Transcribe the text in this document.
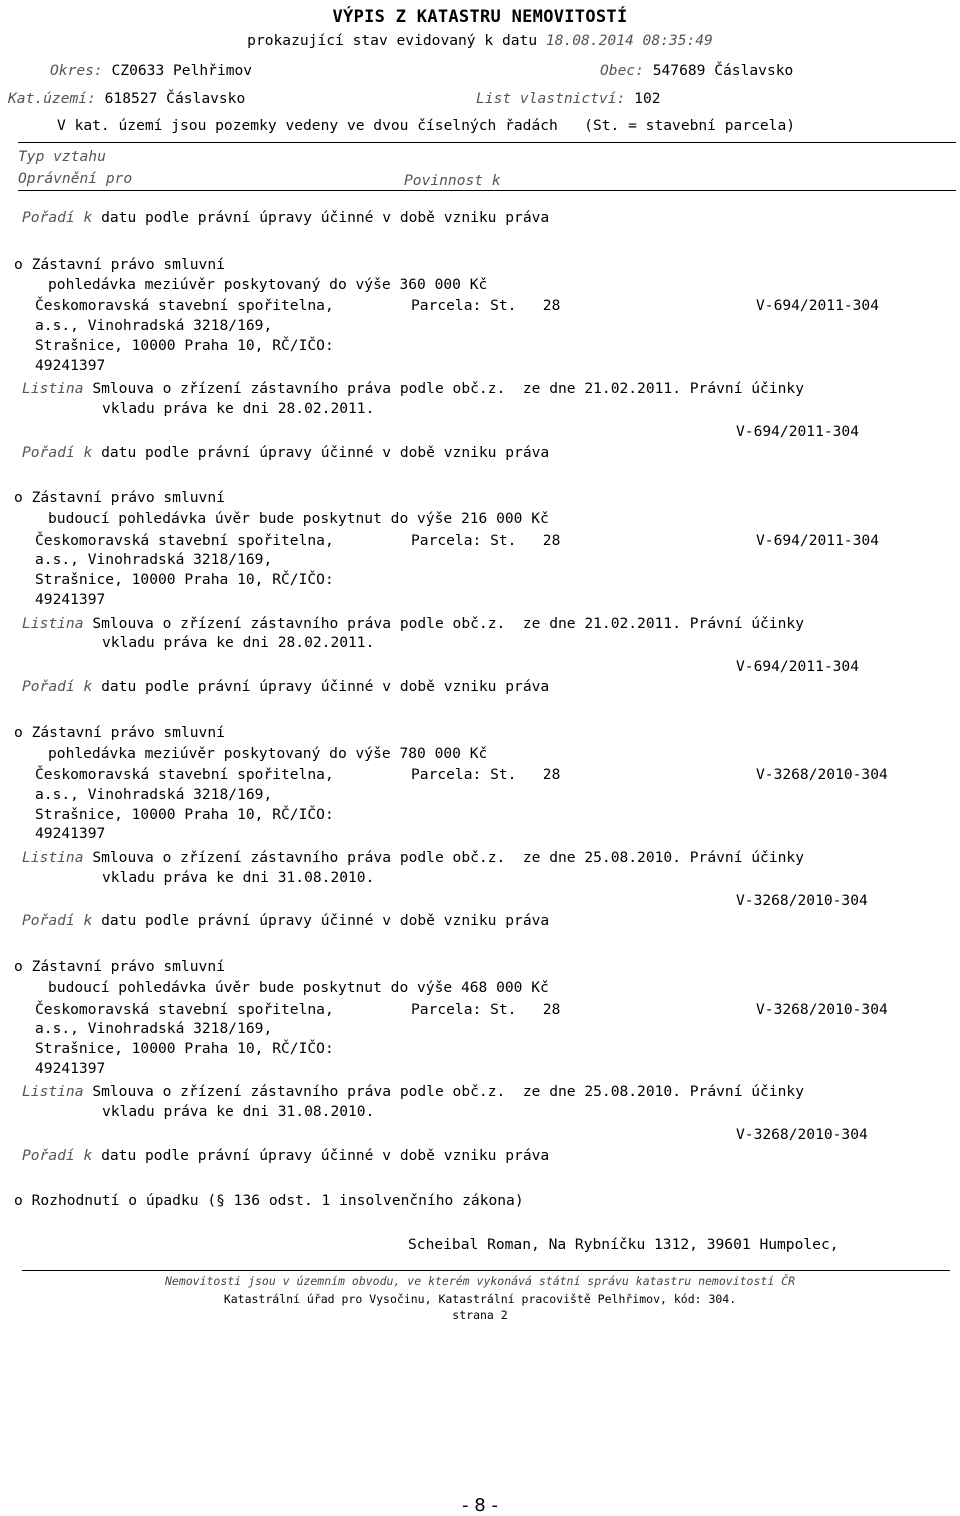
VÝPIS Z KATASTRU NEMOVITOSTÍ
prokazující stav evidovaný k datu 18.08.2014 08:35:49
Okres: CZ0633 Pelhřimov	Obec: 547689 Čáslavsko
Kat.území: 618527 Čáslavsko	List vlastnictví: 102
V kat. území jsou pozemky vedeny ve dvou číselných řadách   (St. = stavební parcela)
Typ vztahu
Oprávnění pro	Povinnost k
Pořadí k datu podle právní úpravy účinné v době vzniku práva
o Zástavní právo smluvní
pohledávka meziúvěr poskytovaný do výše 360 000 Kč
Českomoravská stavební spořitelna,	Parcela: St.   28	V-694/2011-304
a.s., Vinohradská 3218/169,
Strašnice, 10000 Praha 10, RČ/IČO:
49241397
Listina Smlouva o zřízení zástavního práva podle obč.z.  ze dne 21.02.2011. Právní účinky
vkladu práva ke dni 28.02.2011.
V-694/2011-304
Pořadí k datu podle právní úpravy účinné v době vzniku práva
o Zástavní právo smluvní
budoucí pohledávka úvěr bude poskytnut do výše 216 000 Kč
Českomoravská stavební spořitelna,	Parcela: St.   28	V-694/2011-304
a.s., Vinohradská 3218/169,
Strašnice, 10000 Praha 10, RČ/IČO:
49241397
Listina Smlouva o zřízení zástavního práva podle obč.z.  ze dne 21.02.2011. Právní účinky
vkladu práva ke dni 28.02.2011.
V-694/2011-304
Pořadí k datu podle právní úpravy účinné v době vzniku práva
o Zástavní právo smluvní
pohledávka meziúvěr poskytovaný do výše 780 000 Kč
Českomoravská stavební spořitelna,	Parcela: St.   28	V-3268/2010-304
a.s., Vinohradská 3218/169,
Strašnice, 10000 Praha 10, RČ/IČO:
49241397
Listina Smlouva o zřízení zástavního práva podle obč.z.  ze dne 25.08.2010. Právní účinky
vkladu práva ke dni 31.08.2010.
V-3268/2010-304
Pořadí k datu podle právní úpravy účinné v době vzniku práva
o Zástavní právo smluvní
budoucí pohledávka úvěr bude poskytnut do výše 468 000 Kč
Českomoravská stavební spořitelna,	Parcela: St.   28	V-3268/2010-304
a.s., Vinohradská 3218/169,
Strašnice, 10000 Praha 10, RČ/IČO:
49241397
Listina Smlouva o zřízení zástavního práva podle obč.z.  ze dne 25.08.2010. Právní účinky
vkladu práva ke dni 31.08.2010.
V-3268/2010-304
Pořadí k datu podle právní úpravy účinné v době vzniku práva
o Rozhodnutí o úpadku (§ 136 odst. 1 insolvenčního zákona)
Scheibal Roman, Na Rybníčku 1312, 39601 Humpolec,
Nemovitosti jsou v územním obvodu, ve kterém vykonává státní správu katastru nemovitostí ČR
Katastrální úřad pro Vysočinu, Katastrální pracoviště Pelhřimov, kód: 304.
strana 2
- 8 -
